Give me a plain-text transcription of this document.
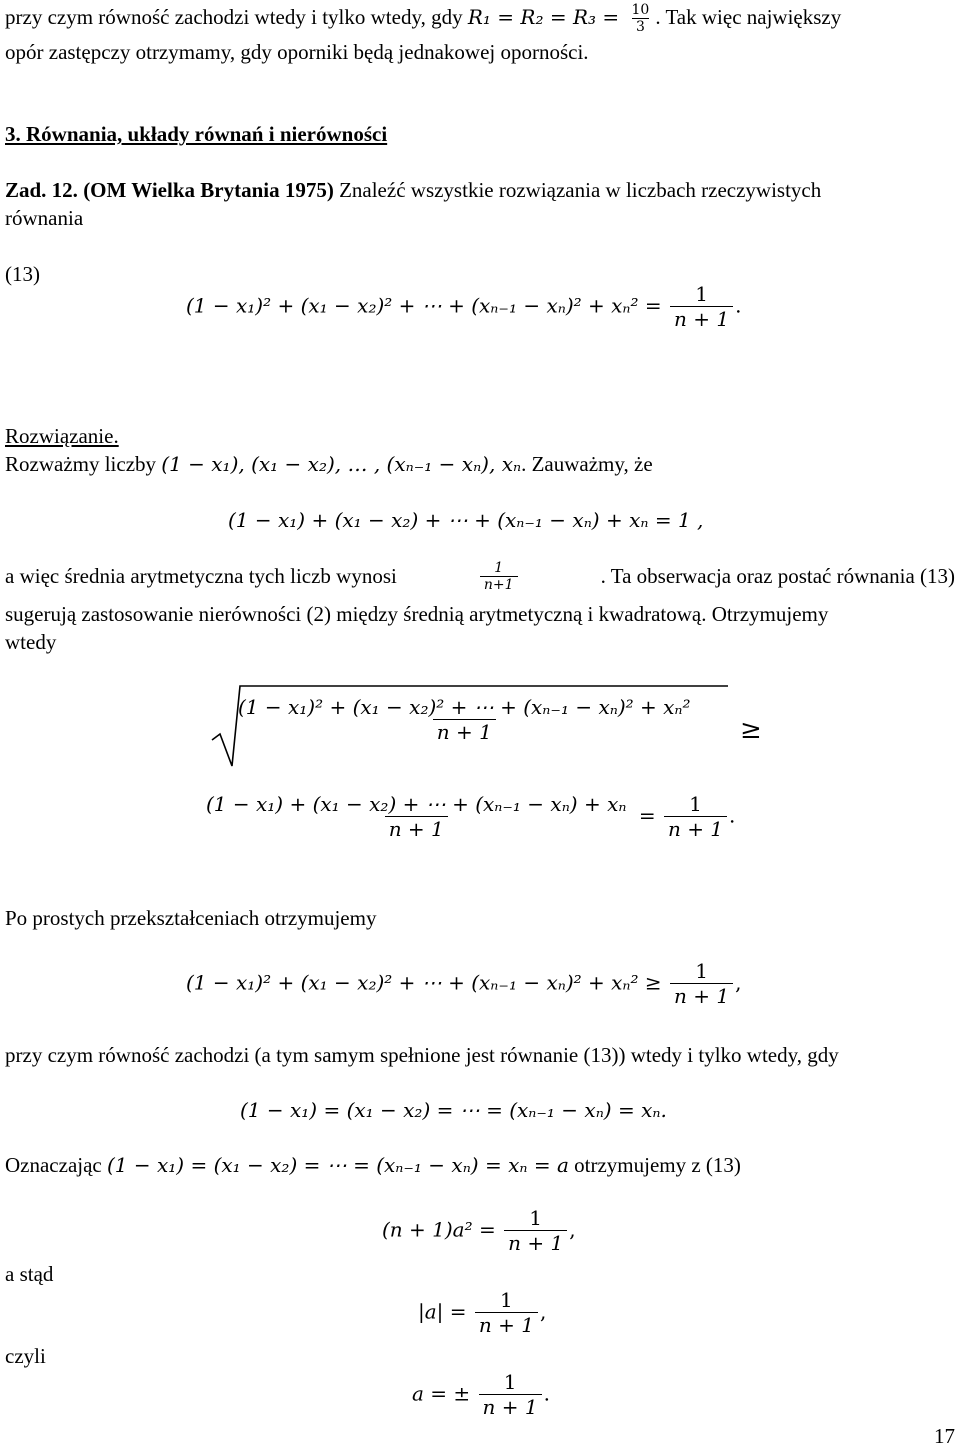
przy czym równość zachodzi wtedy i tylko wtedy, gdy $R_1 = R_2 = R_3 = \frac{10}{3}$ . Tak więc największy
opór zastępczy otrzymamy, gdy oporniki będą jednakowej oporności.
3. Równania, układy równań i nierówności
Zad. 12. (OM Wielka Brytania 1975) Znaleźć wszystkie rozwiązania w liczbach rzeczywistych
równania
(13)
(1 − x₁)² + (x₁ − x₂)² + ⋯ + $(x_{n-1} - x_n)^2 + x_n^2 = \frac{1}{n + 1}$ .
Rozwiązanie.
Rozważmy liczby (1 − x₁), (x₁ − x₂), … , (xₙ₋₁ − xₙ), xₙ. Zauważmy, że
(1 − x₁) + (x₁ − x₂) + ⋯ + (xₙ₋₁ − xₙ) + xₙ = 1 ,
a więc średnia arytmetyczna tych liczb wynosi	$\frac{1}{n+1}$	. Ta obserwacja oraz postać równania (13)
sugerują zastosowanie nierówności (2) między średnią arytmetyczną i kwadratową. Otrzymujemy
wtedy
$\frac{\text{(1 − x₁)² + (x₁ − x₂)² + ⋯ + (xₙ₋₁ − xₙ)² + xₙ²}}{n + 1}$ ≥
$\frac{\text{(1 − x₁) + (x₁ − x₂) + ⋯ + (xₙ₋₁ − xₙ) + xₙ}}{n + 1} = \frac{1}{n + 1}$ .
Po prostych przekształceniach otrzymujemy
(1 − x₁)² + (x₁ − x₂)² + ⋯ + $(x_{n-1} - x_n)^2 + x_n^2 \ge \frac{1}{n + 1}$ ,
przy czym równość zachodzi (a tym samym spełnione jest równanie (13)) wtedy i tylko wtedy, gdy
(1 − x₁) = (x₁ − x₂) = ⋯ = (xₙ₋₁ − xₙ) = xₙ.
Oznaczając (1 − x₁) = (x₁ − x₂) = ⋯ = (xₙ₋₁ − xₙ) = xₙ = a otrzymujemy z (13)
$(n + 1)a^2 = \frac{1}{n + 1}$ ,
a stąd
$|a| = \frac{1}{n + 1}$ ,
czyli
a = ± $\frac{1}{n + 1}$ .
17
